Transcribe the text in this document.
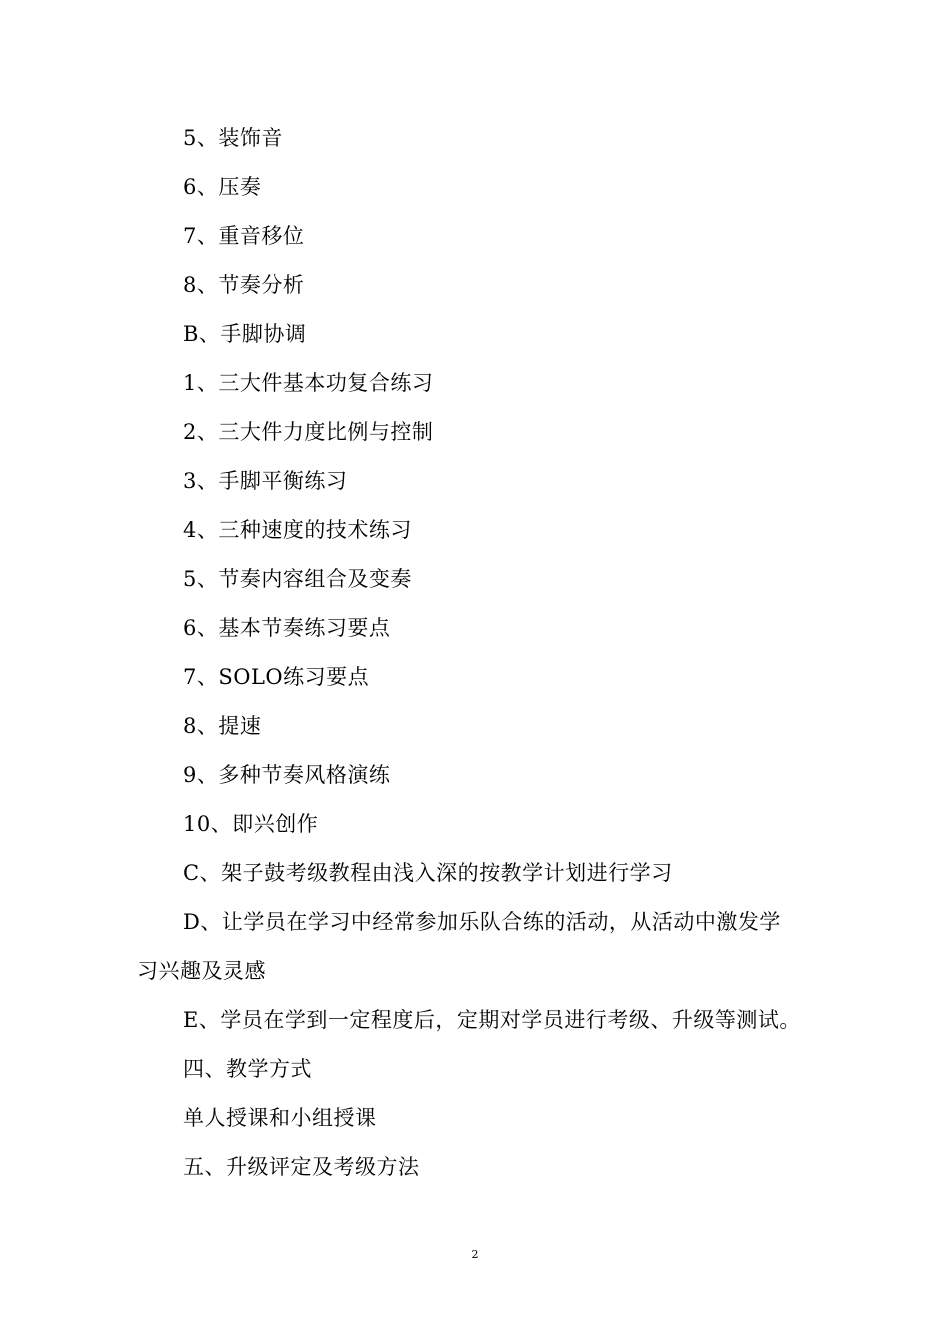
5、装饰音
6、压奏
7、重音移位
8、节奏分析
B、手脚协调
1、三大件基本功复合练习
2、三大件力度比例与控制
3、手脚平衡练习
4、三种速度的技术练习
5、节奏内容组合及变奏
6、基本节奏练习要点
7、SOLO练习要点
8、提速
9、多种节奏风格演练
10、即兴创作
C、架子鼓考级教程由浅入深的按教学计划进行学习
D、让学员在学习中经常参加乐队合练的活动，从活动中激发学
习兴趣及灵感
E、学员在学到一定程度后，定期对学员进行考级、升级等测试。
四、教学方式
单人授课和小组授课
五、升级评定及考级方法
2
